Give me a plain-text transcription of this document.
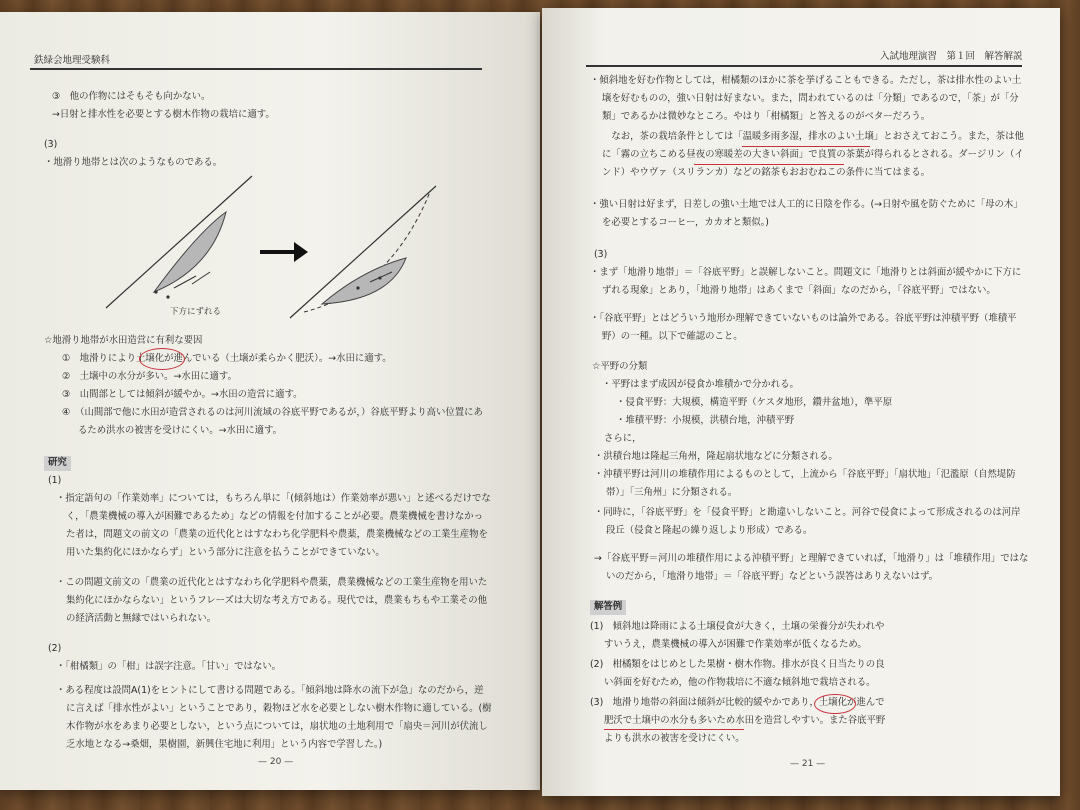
鉄緑会地理受験科
③　他の作物にはそもそも向かない。
→日射と排水性を必要とする樹木作物の栽培に適す。
(3)
・地滑り地帯とは次のようなものである。
下方にずれる
☆地滑り地帯が水田造営に有利な要因
①　地滑りにより土壌化が進んでいる（土壌が柔らかく肥沃）。→水田に適す。
②　土壌中の水分が多い。→水田に適す。
③　山間部としては傾斜が緩やか。→水田の造営に適す。
④　（山間部で他に水田が造営されるのは河川流域の谷底平野であるが，）谷底平野より高い位置にあ
るため洪水の被害を受けにくい。→水田に適す。
研究
(1)
・指定語句の「作業効率」については，もちろん単に「(傾斜地は）作業効率が悪い」と述べるだけでな
く，「農業機械の導入が困難であるため」などの情報を付加することが必要。農業機械を書けなかっ
た者は，問題文の前文の「農業の近代化とはすなわち化学肥料や農薬，農業機械などの工業生産物を
用いた集約化にほかならず」という部分に注意を払うことができていない。
・この問題文前文の「農業の近代化とはすなわち化学肥料や農薬，農業機械などの工業生産物を用いた
集約化にほかならない」というフレーズは大切な考え方である。現代では，農業もちもや工業その他
の経済活動と無縁ではいられない。
(2)
・「柑橘類」の「柑」は誤字注意。「甘い」ではない。
・ある程度は設問A(1)をヒントにして書ける問題である。「傾斜地は降水の流下が急」なのだから，逆
に言えば「排水性がよい」ということであり，穀物ほど水を必要としない樹木作物に適している。(樹
木作物が水をあまり必要としない，という点については，扇状地の土地利用で「扇央＝河川が伏流し
乏水地となる→桑畑，果樹園，新興住宅地に利用」という内容で学習した。)
— 20 —
入試地理演習　第１回　解答解説
・傾斜地を好む作物としては，柑橘類のほかに茶を挙げることもできる。ただし，茶は排水性のよい土
壌を好むものの，強い日射は好まない。また，問われているのは「分類」であるので，「茶」が「分
類」であるかは微妙なところ。やはり「柑橘類」と答えるのがベターだろう。
　なお，茶の栽培条件としては「温暖多雨多湿，排水のよい土壌」とおさえておこう。また，茶は他
に「霧の立ちこめる昼夜の寒暖差の大きい斜面」で良質の茶葉が得られるとされる。ダージリン（イ
ンド）やウヴァ（スリランカ）などの銘茶もおおむねこの条件に当てはまる。
・強い日射は好まず，日差しの強い土地では人工的に日陰を作る。(→日射や風を防ぐために「母の木」
を必要とするコーヒー，カカオと類似。)
(3)
・まず「地滑り地帯」＝「谷底平野」と誤解しないこと。問題文に「地滑りとは斜面が緩やかに下方に
ずれる現象」とあり，「地滑り地帯」はあくまで「斜面」なのだから，「谷底平野」ではない。
・「谷底平野」とはどういう地形か理解できていないものは論外である。谷底平野は沖積平野（堆積平
野）の一種。以下で確認のこと。
☆平野の分類
・平野はまず成因が侵食か堆積かで分かれる。
・侵食平野：大規模，構造平野（ケスタ地形，鑽井盆地），準平原
・堆積平野：小規模，洪積台地，沖積平野
さらに，
・洪積台地は隆起三角州，隆起扇状地などに分類される。
・沖積平野は河川の堆積作用によるものとして，上流から「谷底平野」「扇状地」「氾濫原（自然堤防
帯）」「三角州」に分類される。
・同時に，「谷底平野」を「侵食平野」と勘違いしないこと。河谷で侵食によって形成されるのは河岸
段丘（侵食と隆起の繰り返しより形成）である。
→「谷底平野＝河川の堆積作用による沖積平野」と理解できていれば，「地滑り」は「堆積作用」ではな
いのだから，「地滑り地帯」＝「谷底平野」などという誤答はありえないはず。
解答例
(1)　傾斜地は降雨による土壌侵食が大きく，土壌の栄養分が失われや
すいうえ，農業機械の導入が困難で作業効率が低くなるため。
(2)　柑橘類をはじめとした果樹・樹木作物。排水が良く日当たりの良
い斜面を好むため，他の作物栽培に不適な傾斜地で栽培される。
(3)　地滑り地帯の斜面は傾斜が比較的緩やかであり，土壌化が進んで
肥沃で土壌中の水分も多いため水田を造営しやすい。また谷底平野
よりも洪水の被害を受けにくい。
— 21 —
